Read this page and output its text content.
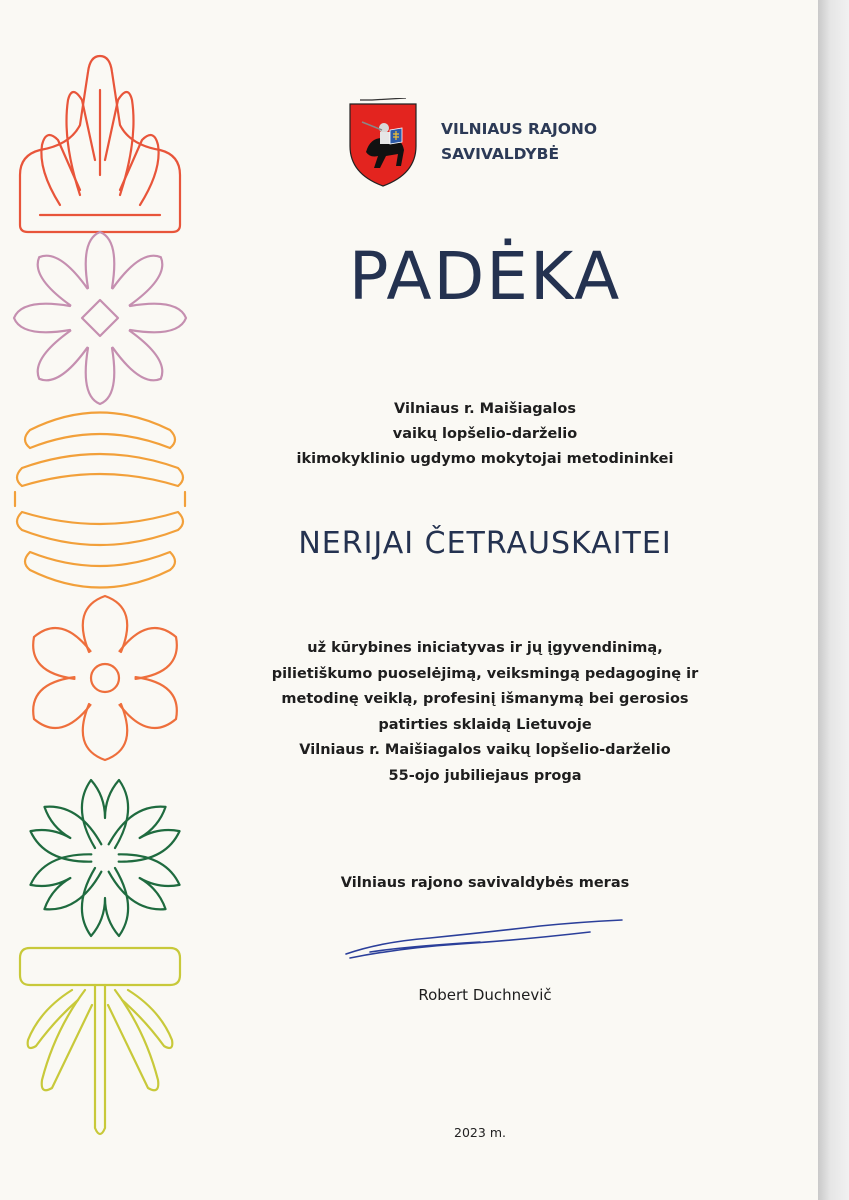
VILNIAUS RAJONO
SAVIVALDYBĖ
PADĖKA
Vilniaus r. Maišiagalos
vaikų lopšelio-darželio
ikimokyklinio ugdymo mokytojai metodininkei
NERIJAI ČETRAUSKAITEI
už kūrybines iniciatyvas ir jų įgyvendinimą,
pilietiškumo puoselėjimą, veiksmingą pedagoginę ir
metodinę veiklą, profesinį išmanymą bei gerosios
patirties sklaidą Lietuvoje
Vilniaus r. Maišiagalos vaikų lopšelio-darželio
55-ojo jubiliejaus proga
Vilniaus rajono savivaldybės meras
Robert Duchnevič
2023 m.
